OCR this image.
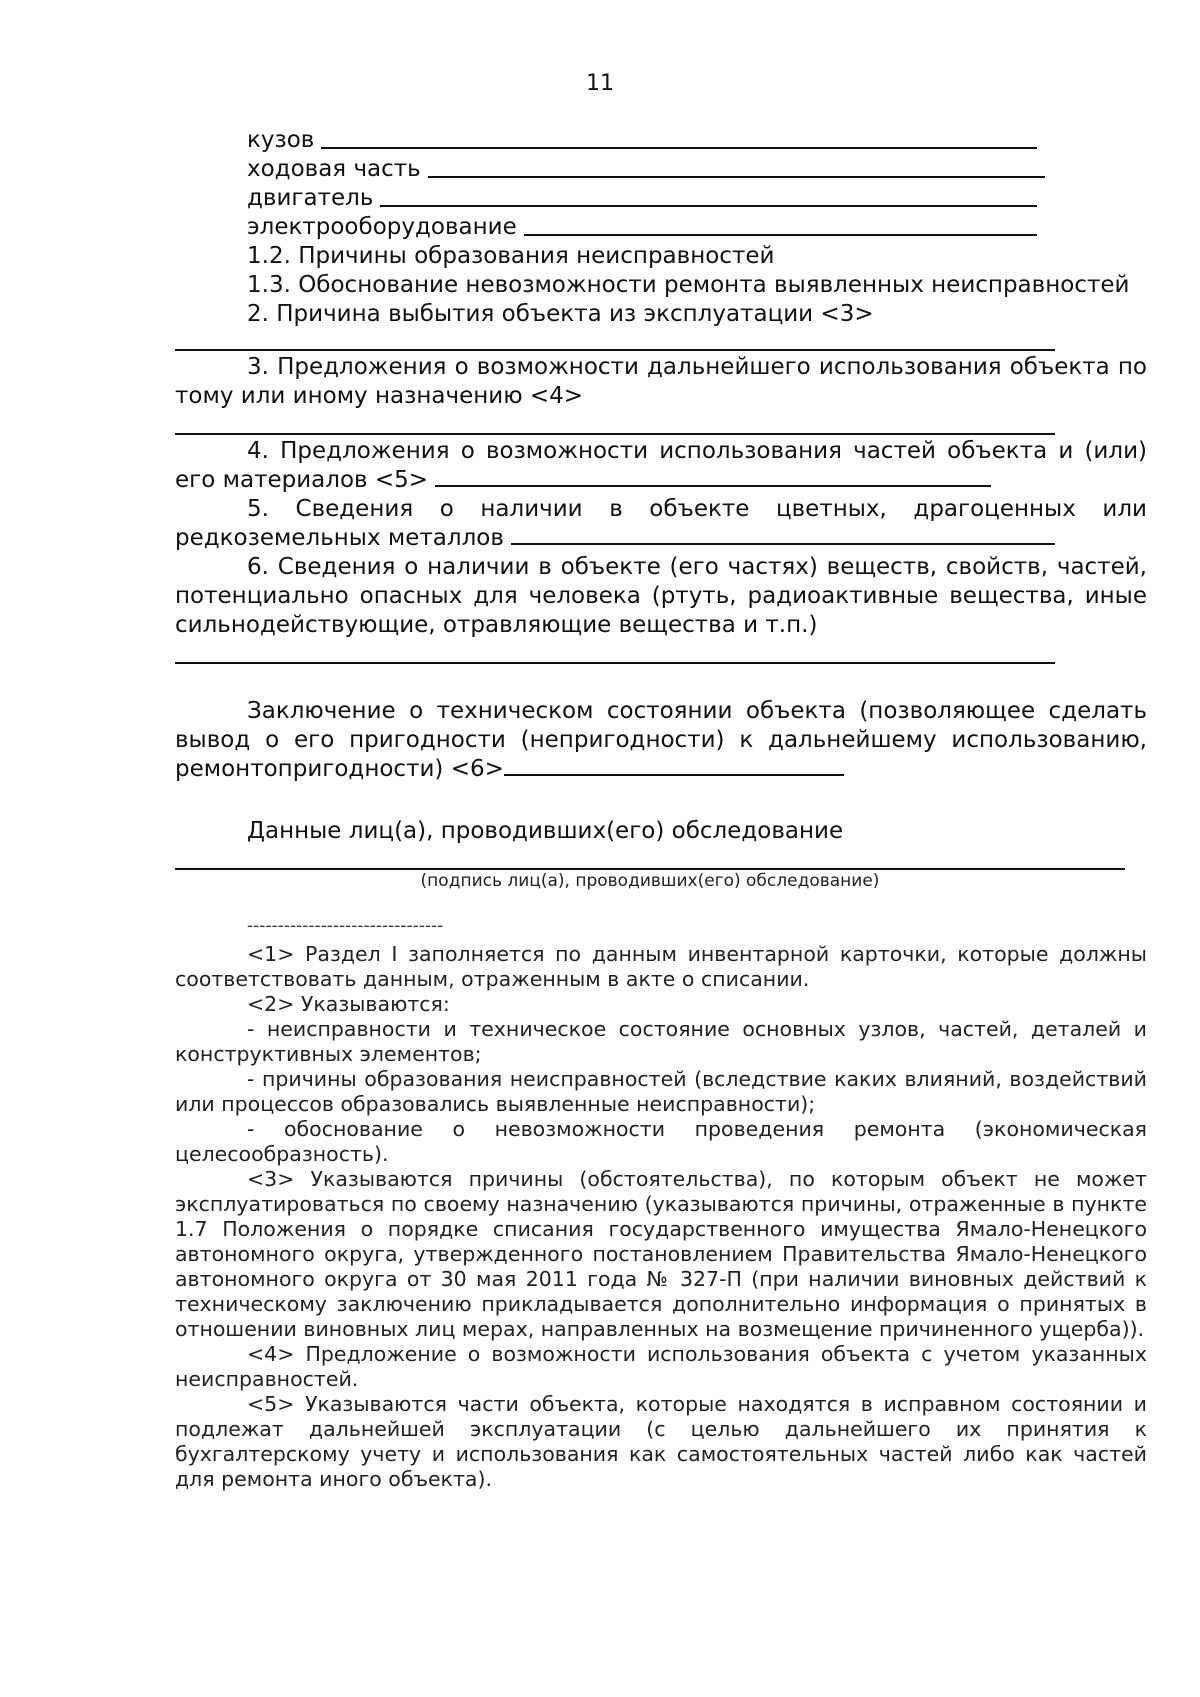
11
кузов
ходовая часть
двигатель
электрооборудование

1.2. Причины образования неисправностей

1.3. Обоснование невозможности ремонта выявленных неисправностей

2. Причина выбытия объекта из эксплуатации <3>

3. Предложения о возможности дальнейшего использования объекта по тому или иному назначению <4>

4. Предложения о возможности использования частей объекта и (или) его материалов <5>

5. Сведения о наличии в объекте цветных, драгоценных или редкоземельных металлов

6. Сведения о наличии в объекте (его частях) веществ, свойств, частей, потенциально опасных для человека (ртуть, радиоактивные вещества, иные сильнодействующие, отравляющие вещества и т.п.)

Заключение о техническом состоянии объекта (позволяющее сделать вывод о его пригодности (непригодности) к дальнейшему использованию, ремонтопригодности) <6>

Данные лиц(а), проводивших(его) обследование

(подпись лиц(а), проводивших(его) обследование)
--------------------------------

<1> Раздел I заполняется по данным инвентарной карточки, которые должны соответствовать данным, отраженным в акте о списании.

<2> Указываются:

- неисправности и техническое состояние основных узлов, частей, деталей и конструктивных элементов;

- причины образования неисправностей (вследствие каких влияний, воздействий или процессов образовались выявленные неисправности);

- обоснование о невозможности проведения ремонта (экономическая целесообразность).

<3> Указываются причины (обстоятельства), по которым объект не может эксплуатироваться по своему назначению (указываются причины, отраженные в пункте 1.7 Положения о порядке списания государственного имущества Ямало-Ненецкого автономного округа, утвержденного постановлением Правительства Ямало-Ненецкого автономного округа от 30 мая 2011 года № 327-П (при наличии виновных действий к техническому заключению прикладывается дополнительно информация о принятых в отношении виновных лиц мерах, направленных на возмещение причиненного ущерба)).

<4> Предложение о возможности использования объекта с учетом указанных неисправностей.

<5> Указываются части объекта, которые находятся в исправном состоянии и подлежат дальнейшей эксплуатации (с целью дальнейшего их принятия к бухгалтерскому учету и использования как самостоятельных частей либо как частей для ремонта иного объекта).
